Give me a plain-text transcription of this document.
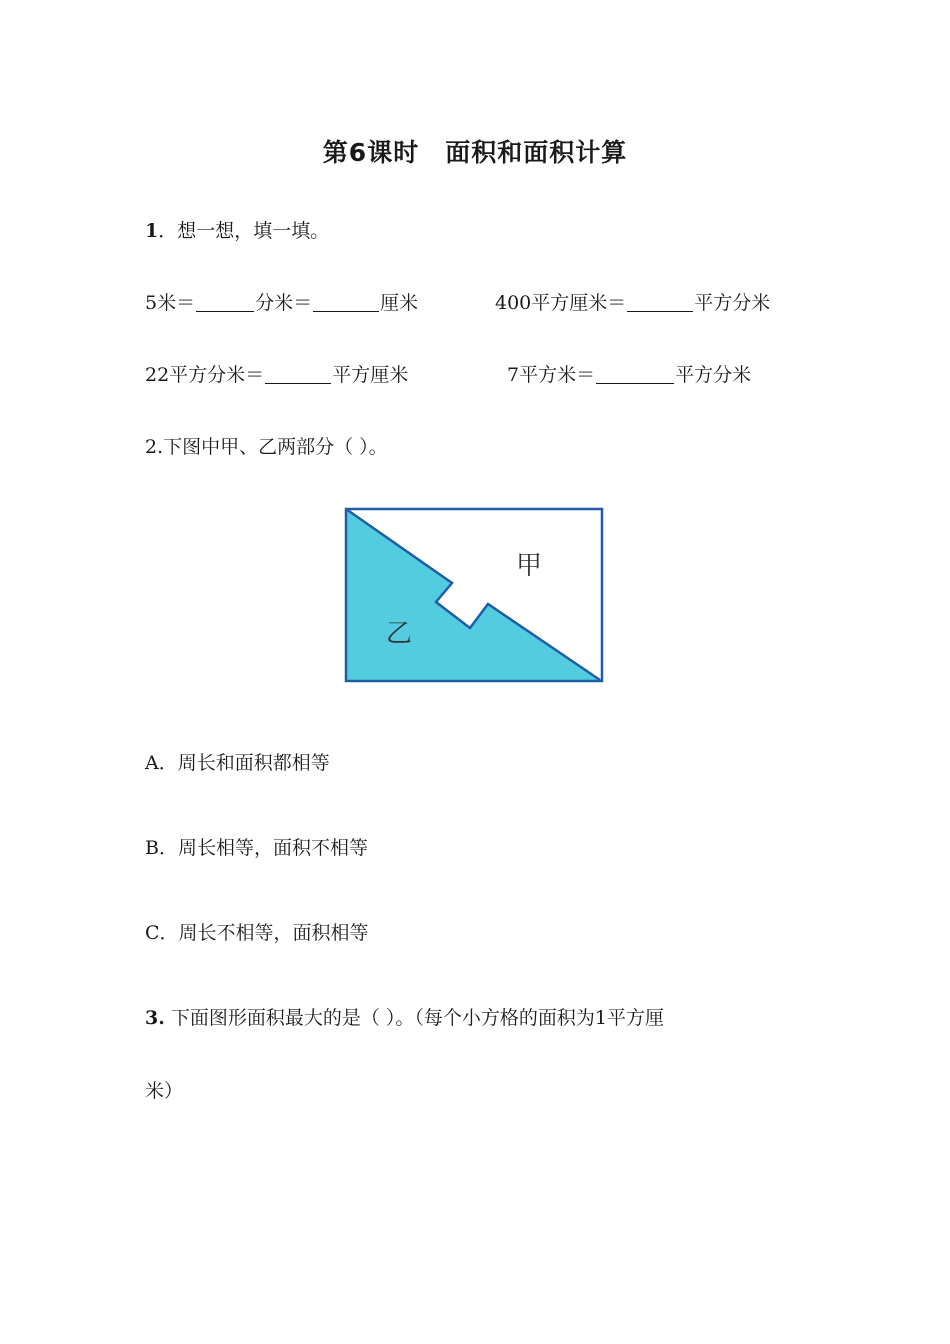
第6课时　面积和面积计算
1．想一想，填一填。
5米＝	分米＝	厘米	400平方厘米＝	平方分米
22平方分米＝	平方厘米	7平方米＝	平方分米
2.下图中甲、乙两部分（ ）。
甲
乙
A．周长和面积都相等
B．周长相等，面积不相等
C．周长不相等，面积相等
3. 下面图形面积最大的是（ ）。（每个小方格的面积为1平方厘
米）
